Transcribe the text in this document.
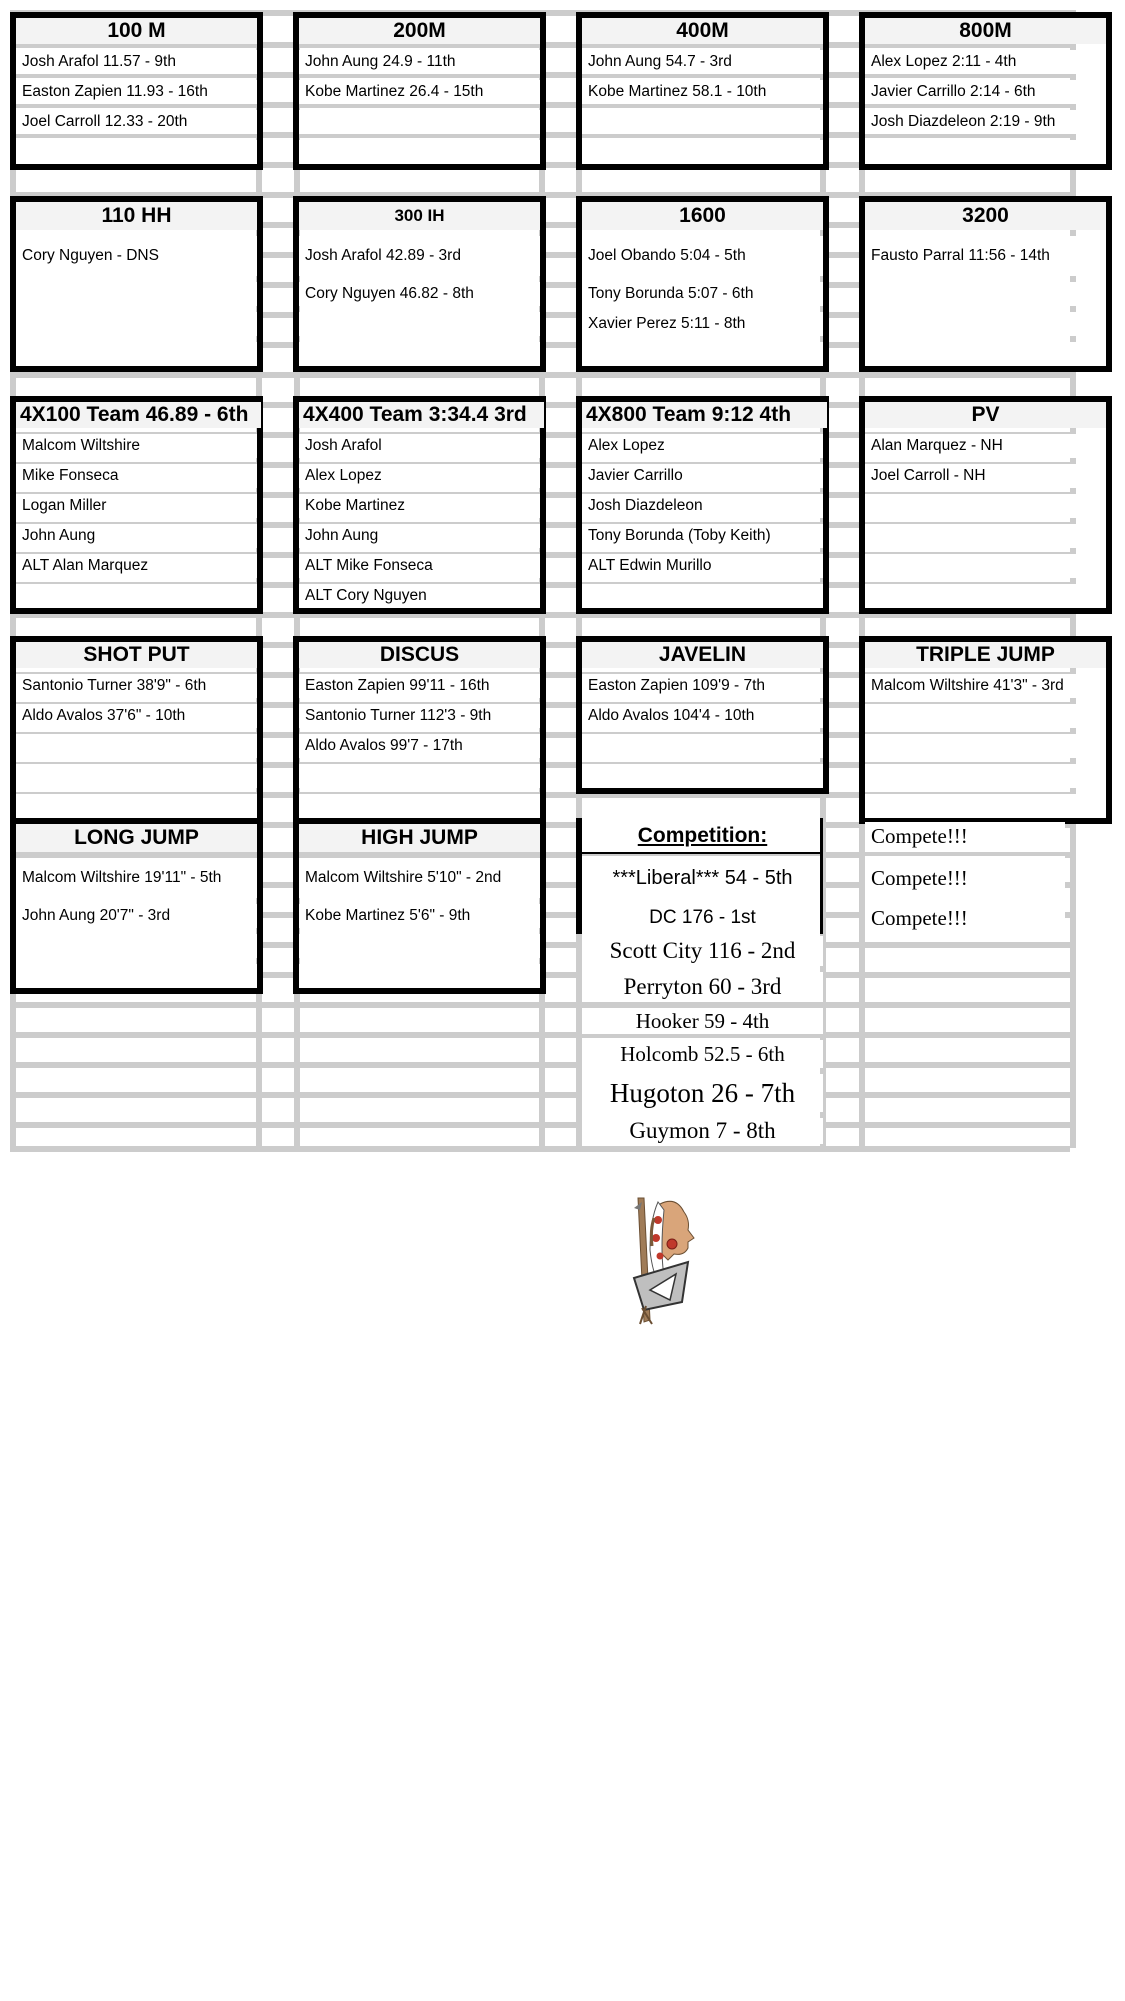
100 M
Josh Arafol 11.57 - 9th
Easton Zapien 11.93 - 16th
Joel Carroll 12.33 - 20th
200M
John Aung 24.9 - 11th
Kobe Martinez 26.4 - 15th
400M
John Aung 54.7 - 3rd
Kobe Martinez 58.1 - 10th
800M
Alex Lopez 2:11 - 4th
Javier Carrillo 2:14 - 6th
Josh Diazdeleon 2:19 - 9th
110 HH
Cory Nguyen - DNS
300 IH
Josh Arafol 42.89 - 3rd
Cory Nguyen 46.82 - 8th
1600
Joel Obando 5:04 - 5th
Tony Borunda 5:07 - 6th
Xavier Perez 5:11 - 8th
3200
Fausto Parral 11:56 - 14th
4X100 Team 46.89 - 6th
Malcom Wiltshire
Mike Fonseca
Logan Miller
John Aung
ALT Alan Marquez
4X400 Team 3:34.4 3rd
Josh Arafol
Alex Lopez
Kobe Martinez
John Aung
ALT Mike Fonseca
ALT Cory Nguyen
4X800 Team 9:12 4th
Alex Lopez
Javier Carrillo
Josh Diazdeleon
Tony Borunda (Toby Keith)
ALT Edwin Murillo
PV
Alan Marquez - NH
Joel Carroll - NH
SHOT PUT
Santonio Turner 38'9" - 6th
Aldo Avalos 37'6" - 10th
DISCUS
Easton Zapien 99'11 - 16th
Santonio Turner 112'3 - 9th
Aldo Avalos 99'7 - 17th
JAVELIN
Easton Zapien 109'9 - 7th
Aldo Avalos 104'4 - 10th
TRIPLE JUMP
Malcom Wiltshire 41'3" - 3rd
LONG JUMP
Malcom Wiltshire 19'11" - 5th
John Aung 20'7" - 3rd
HIGH JUMP
Malcom Wiltshire 5'10" - 2nd
Kobe Martinez 5'6" - 9th
Competition:
***Liberal*** 54 - 5th
DC 176 - 1st
Scott City 116 - 2nd
Perryton 60 - 3rd
Hooker 59 - 4th
Holcomb 52.5 - 6th
Hugoton 26 - 7th
Guymon 7 - 8th
Compete!!!
Compete!!!
Compete!!!
